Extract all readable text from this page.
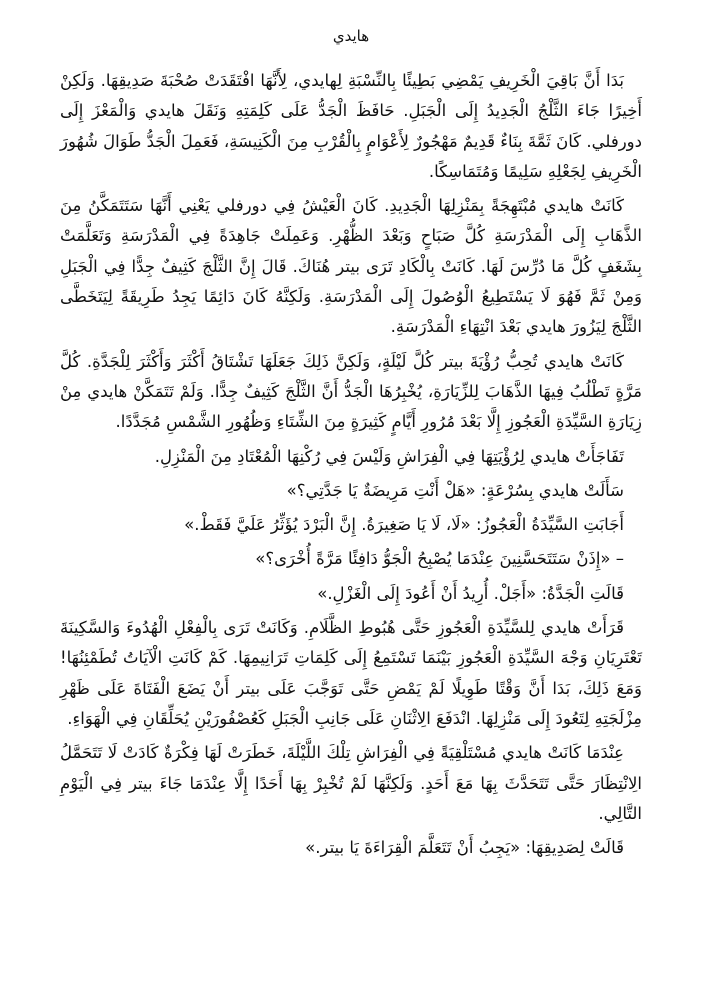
هايدي

بَدَا أَنَّ بَاقِيَ الْخَرِيفِ يَمْضِي بَطِيئًا بِالنِّسْبَةِ لِهايدي، لِأَنَّهَا افْتَقَدَتْ صُحْبَةَ صَدِيقِهَا. وَلَكِنْ أَخِيرًا جَاءَ الثَّلْجُ الْجَدِيدُ إِلَى الْجَبَلِ. حَافَظَ الْجَدُّ عَلَى كَلِمَتِهِ وَنَقَلَ هايدي وَالْمَعْزَ إِلَى دورفلي. كَانَ ثَمَّةَ بِنَاءٌ قَدِيمٌ مَهْجُورٌ لِأَعْوَامٍ بِالْقُرْبِ مِنَ الْكَنِيسَةِ، فَعَمِلَ الْجَدُّ طَوَالَ شُهُورَ الْخَرِيفِ لِجَعْلِهِ سَلِيمًا وَمُتَمَاسِكًا.

كَانَتْ هايدي مُبْتَهِجَةً بِمَنْزِلِهَا الْجَدِيدِ. كَانَ الْعَيْشُ فِي دورفلي يَعْنِي أَنَّهَا سَتَتَمَكَّنُ مِنَ الذَّهَابِ إِلَى الْمَدْرَسَةِ كُلَّ صَبَاحٍ وَبَعْدَ الظُّهْرِ. وَعَمِلَتْ جَاهِدَةً فِي الْمَدْرَسَةِ وَتَعَلَّمَتْ بِشَغَفٍ كُلَّ مَا دُرِّسَ لَهَا. كَانَتْ بِالْكَادِ تَرَى بيتر هُنَاكَ. قَالَ إِنَّ الثَّلْجَ كَثِيفٌ جِدًّا فِي الْجَبَلِ وَمِنْ ثَمَّ فَهُوَ لَا يَسْتَطِيعُ الْوُصُولَ إِلَى الْمَدْرَسَةِ. وَلَكِنَّهُ كَانَ دَائِمًا يَجِدُ طَرِيقَةً لِيَتَخَطَّى الثَّلْجَ لِيَزُورَ هايدي بَعْدَ انْتِهَاءِ الْمَدْرَسَةِ.

كَانَتْ هايدي تُحِبُّ رُؤْيَةَ بيتر كُلَّ لَيْلَةٍ، وَلَكِنَّ ذَلِكَ جَعَلَهَا تَشْتَاقُ أَكْثَرَ وَأَكْثَرَ لِلْجَدَّةِ. كُلَّ مَرَّةٍ تَطْلُبُ فِيهَا الذَّهَابَ لِلزِّيَارَةِ، يُخْبِرُهَا الْجَدُّ أَنَّ الثَّلْجَ كَثِيفٌ جِدًّا. وَلَمْ تَتَمَكَّنْ هايدي مِنْ زِيَارَةِ السَّيِّدَةِ الْعَجُوزِ إِلَّا بَعْدَ مُرُورِ أَيَّامٍ كَثِيرَةٍ مِنَ الشِّتَاءِ وَظُهُورِ الشَّمْسِ مُجَدَّدًا.

تَفَاجَأَتْ هايدي لِرُؤْيَتِهَا فِي الْفِرَاشِ وَلَيْسَ فِي رُكْنِهَا الْمُعْتَادِ مِنَ الْمَنْزِلِ.

سَأَلَتْ هايدي بِسُرْعَةٍ: «هَلْ أَنْتِ مَرِيضَةٌ يَا جَدَّتِي؟»

أَجَابَتِ السَّيِّدَةُ الْعَجُوزُ: «لَا، لَا يَا صَغِيرَةُ. إِنَّ الْبَرْدَ يُؤَثِّرُ عَلَيَّ فَقَطْ.»

– «إِذَنْ سَتَتَحَسَّنِينَ عِنْدَمَا يُصْبِحُ الْجَوُّ دَافِئًا مَرَّةً أُخْرَى؟»

قَالَتِ الْجَدَّةُ: «أَجَلْ. أُرِيدُ أَنْ أَعُودَ إِلَى الْغَزْلِ.»

قَرَأَتْ هايدي لِلسَّيِّدَةِ الْعَجُوزِ حَتَّى هُبُوطِ الظَّلَامِ. وَكَانَتْ تَرَى بِالْفِعْلِ الْهُدُوءَ وَالسَّكِينَةَ تَعْتَرِيَانِ وَجْهَ السَّيِّدَةِ الْعَجُوزِ بَيْنَمَا تَسْتَمِعُ إِلَى كَلِمَاتِ تَرَانِيمِهَا. كَمْ كَانَتِ الْآيَاتُ تُطَمْئِنُهَا! وَمَعَ ذَلِكَ، بَدَا أَنَّ وَقْتًا طَوِيلًا لَمْ يَمْضِ حَتَّى تَوَجَّبَ عَلَى بيتر أَنْ يَضَعَ الْفَتَاةَ عَلَى ظَهْرِ مِزْلَجَتِهِ لِتَعُودَ إِلَى مَنْزِلِهَا. انْدَفَعَ الِاثْنَانِ عَلَى جَانِبِ الْجَبَلِ كَعُصْفُورَيْنِ يُحَلِّقَانِ فِي الْهَوَاءِ.

عِنْدَمَا كَانَتْ هايدي مُسْتَلْقِيَةً فِي الْفِرَاشِ تِلْكَ اللَّيْلَةَ، خَطَرَتْ لَهَا فِكْرَةٌ كَادَتْ لَا تَتَحَمَّلُ الِانْتِظَارَ حَتَّى تَتَحَدَّثَ بِهَا مَعَ أَحَدٍ. وَلَكِنَّهَا لَمْ تُخْبِرْ بِهَا أَحَدًا إِلَّا عِنْدَمَا جَاءَ بيتر فِي الْيَوْمِ التَّالِي.

قَالَتْ لِصَدِيقِهَا: «يَجِبُ أَنْ تَتَعَلَّمَ الْقِرَاءَةَ يَا بيتر.»
